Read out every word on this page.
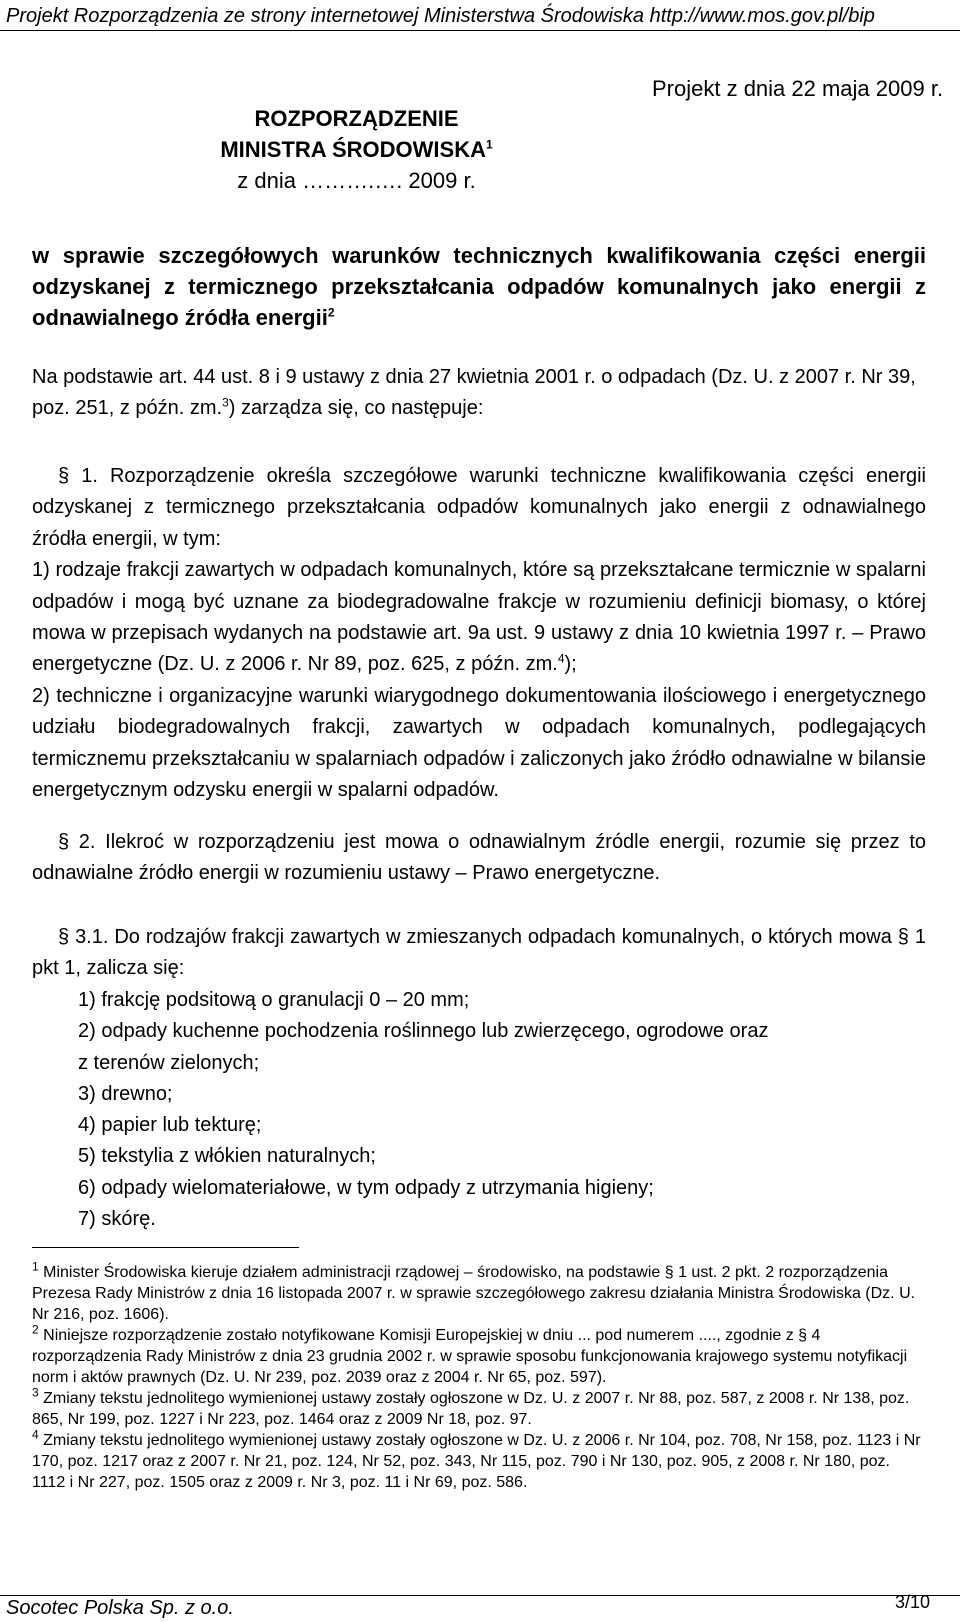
Projekt Rozporządzenia ze strony internetowej Ministerstwa Środowiska http://www.mos.gov.pl/bip
Projekt z dnia 22 maja 2009 r.
ROZPORZĄDZENIE
MINISTRA ŚRODOWISKA$^1$
z dnia ……….…. 2009 r.
w sprawie szczegółowych warunków technicznych kwalifikowania części energii odzyskanej z termicznego przekształcania odpadów komunalnych jako energii z odnawialnego źródła energii$^2$
Na podstawie art. 44 ust. 8 i 9 ustawy z dnia 27 kwietnia 2001 r. o odpadach (Dz. U. z 2007 r. Nr 39, poz. 251, z późn. zm.$^3$) zarządza się, co następuje:

§ 1. Rozporządzenie określa szczegółowe warunki techniczne kwalifikowania części energii odzyskanej z termicznego przekształcania odpadów komunalnych jako energii z odnawialnego źródła energii, w tym:

1) rodzaje frakcji zawartych w odpadach komunalnych, które są przekształcane termicznie w spalarni odpadów i mogą być uznane za biodegradowalne frakcje w rozumieniu definicji biomasy, o której mowa w przepisach wydanych na podstawie art. 9a ust. 9 ustawy z dnia 10 kwietnia 1997 r. – Prawo energetyczne (Dz. U. z 2006 r. Nr 89, poz. 625, z późn. zm.$^4$);

2) techniczne i organizacyjne warunki wiarygodnego dokumentowania ilościowego i energetycznego udziału biodegradowalnych frakcji, zawartych w odpadach komunalnych, podlegających termicznemu przekształcaniu w spalarniach odpadów i zaliczonych jako źródło odnawialne w bilansie energetycznym odzysku energii w spalarni odpadów.

§ 2. Ilekroć w rozporządzeniu jest mowa o odnawialnym źródle energii, rozumie się przez to odnawialne źródło energii w rozumieniu ustawy – Prawo energetyczne.
§ 3.1. Do rodzajów frakcji zawartych w zmieszanych odpadach komunalnych, o których mowa § 1 pkt 1, zalicza się:
1) frakcję podsitową o granulacji 0 – 20 mm;
2) odpady kuchenne pochodzenia roślinnego lub zwierzęcego, ogrodowe oraz
z terenów zielonych;
3) drewno;
4) papier lub tekturę;
5) tekstylia z włókien naturalnych;
6) odpady wielomateriałowe, w tym odpady z utrzymania higieny;
7) skórę.

$^1$ Minister Środowiska kieruje działem administracji rządowej – środowisko, na podstawie § 1 ust. 2 pkt. 2 rozporządzenia Prezesa Rady Ministrów z dnia 16 listopada 2007 r. w sprawie szczegółowego zakresu działania Ministra Środowiska (Dz. U. Nr 216, poz. 1606).

$^2$ Niniejsze rozporządzenie zostało notyfikowane Komisji Europejskiej w dniu ... pod numerem ...., zgodnie z § 4 rozporządzenia Rady Ministrów z dnia 23 grudnia 2002 r. w sprawie sposobu funkcjonowania krajowego systemu notyfikacji norm i aktów prawnych (Dz. U. Nr 239, poz. 2039 oraz z 2004 r. Nr 65, poz. 597).

$^3$ Zmiany tekstu jednolitego wymienionej ustawy zostały ogłoszone w Dz. U. z 2007 r. Nr 88, poz. 587, z 2008 r. Nr 138, poz. 865, Nr 199, poz. 1227 i Nr 223, poz. 1464 oraz z 2009 Nr 18, poz. 97.

$^4$ Zmiany tekstu jednolitego wymienionej ustawy zostały ogłoszone w Dz. U. z 2006 r. Nr 104, poz. 708, Nr 158, poz. 1123 i Nr 170, poz. 1217 oraz z 2007 r. Nr 21, poz. 124, Nr 52, poz. 343, Nr 115, poz. 790 i Nr 130, poz. 905, z 2008 r. Nr 180, poz. 1112 i Nr 227, poz. 1505 oraz z 2009 r. Nr 3, poz. 11 i Nr 69, poz. 586.

Socotec Polska Sp. z o.o.	3/10
